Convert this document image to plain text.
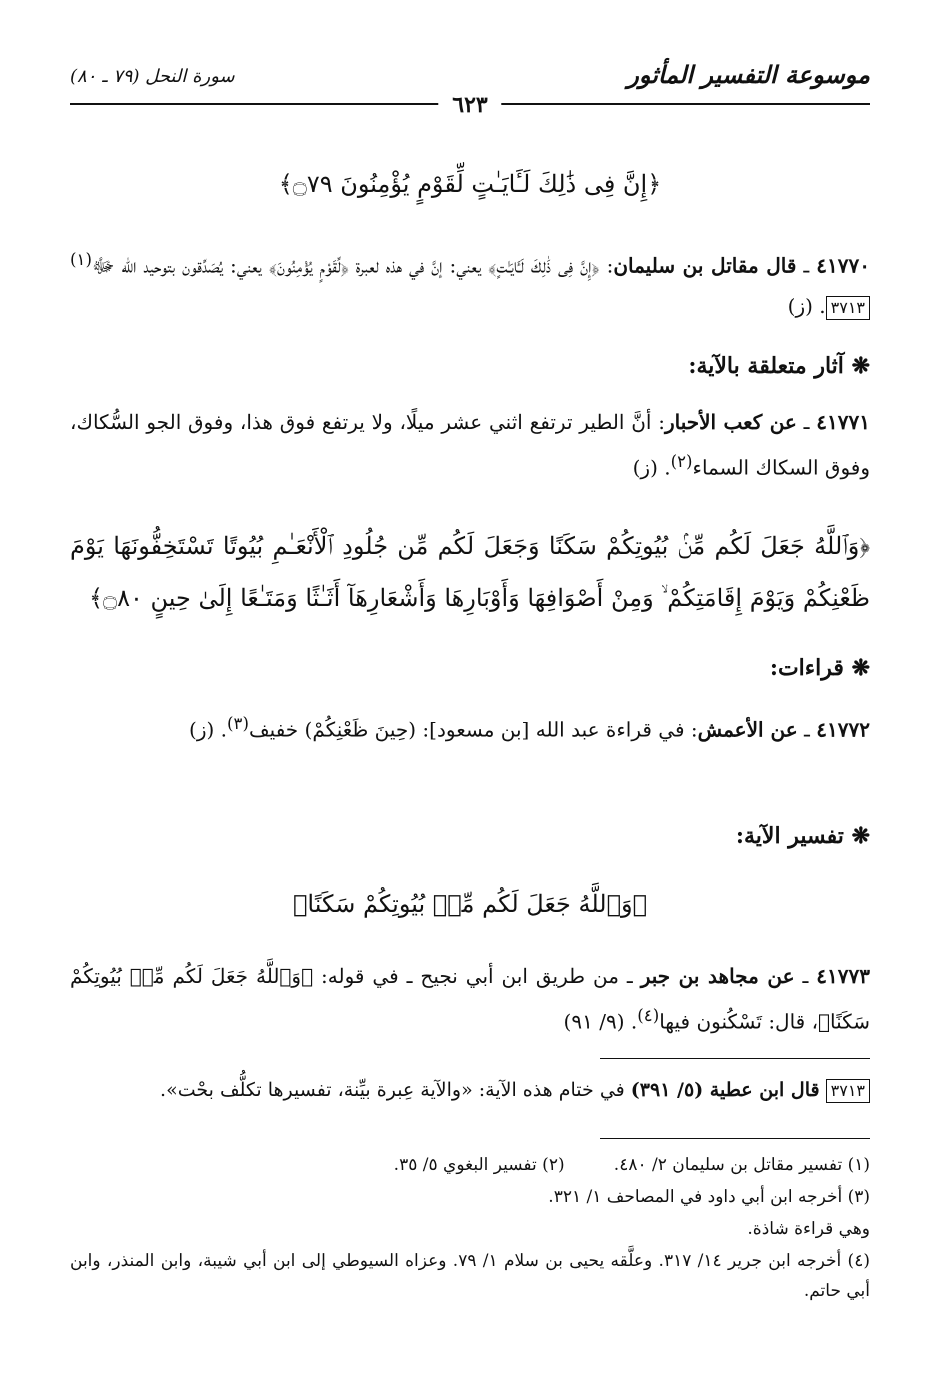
موسوعة التفسير المأثور
سورة النحل (٧٩ ـ ٨٠)
٦٢٣
﴿إِنَّ فِى ذَٰلِكَ لَـَٔايَـٰتٍ لِّقَوْمٍ يُؤْمِنُونَ ۝٧٩﴾
٤١٧٧٠ ـ قال مقاتل بن سليمان: ﴿إِنَّ فِى ذَٰلِكَ لَـَٔايَـٰتٍ﴾ يعني: إنَّ في هذه لعبرة ﴿لِّقَوْمٍ يُؤْمِنُونَ﴾ يعني: يُصَدِّقون بتوحيد الله ﷻ$^{(١)}$٣٧١٣. (ز)
❋ آثار متعلقة بالآية:
٤١٧٧١ ـ عن كعب الأحبار: أنَّ الطير ترتفع اثني عشر ميلًا، ولا يرتفع فوق هذا، وفوق الجو السُّكاك، وفوق السكاك السماء$^{(٢)}$. (ز)
﴿وَٱللَّهُ جَعَلَ لَكُم مِّنۢ بُيُوتِكُمْ سَكَنًا وَجَعَلَ لَكُم مِّن جُلُودِ ٱلْأَنْعَـٰمِ بُيُوتًا تَسْتَخِفُّونَهَا يَوْمَ ظَعْنِكُمْ وَيَوْمَ إِقَامَتِكُمْ ۙ وَمِنْ أَصْوَافِهَا وَأَوْبَارِهَا وَأَشْعَارِهَآ أَثَـٰثًا وَمَتَـٰعًا إِلَىٰ حِينٍ ۝٨٠﴾
❋ قراءات:
٤١٧٧٢ ـ عن الأعمش: في قراءة عبد الله [بن مسعود]: (حِينَ ظَعْنِكُمْ) خفيف$^{(٣)}$. (ز)
❋ تفسير الآية:
﴿وَٱللَّهُ جَعَلَ لَكُم مِّنۢ بُيُوتِكُمْ سَكَنًا﴾
٤١٧٧٣ ـ عن مجاهد بن جبر ـ من طريق ابن أبي نجيح ـ في قوله: ﴿وَٱللَّهُ جَعَلَ لَكُم مِّنۢ بُيُوتِكُمْ سَكَنًا﴾، قال: تَسْكُنون فيها$^{(٤)}$. (٩/ ٩١)
٣٧١٣ قال ابن عطية (٥/ ٣٩١) في ختام هذه الآية: «والآية عِبرة بيِّنة، تفسيرها تكلُّف بحْت».
(١) تفسير مقاتل بن سليمان ٢/ ٤٨٠. (٢) تفسير البغوي ٥/ ٣٥.
(٣) أخرجه ابن أبي داود في المصاحف ١/ ٣٢١.
وهي قراءة شاذة.
(٤) أخرجه ابن جرير ١٤/ ٣١٧. وعلَّقه يحيى بن سلام ١/ ٧٩. وعزاه السيوطي إلى ابن أبي شيبة، وابن المنذر، وابن أبي حاتم.
